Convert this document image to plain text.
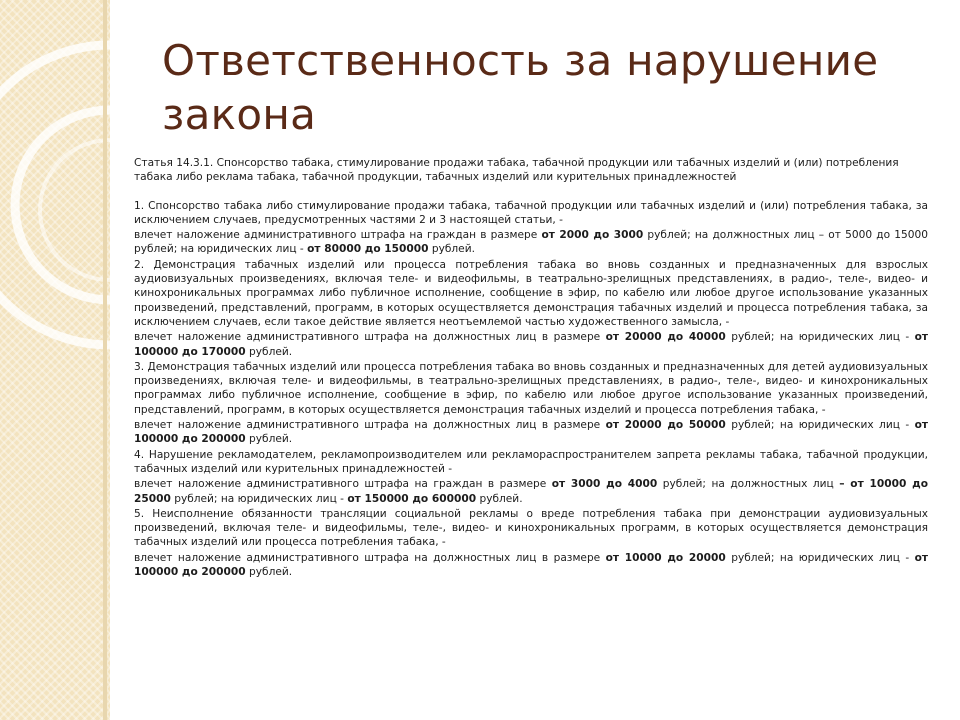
Ответственность за нарушение закона

Статья 14.3.1. Спонсорство табака, стимулирование продажи табака, табачной продукции или табачных изделий и (или) потребления табака либо реклама табака, табачной продукции, табачных изделий или курительных принадлежностей

1. Спонсорство табака либо стимулирование продажи табака, табачной продукции или табачных изделий и (или) потребления табака, за исключением случаев, предусмотренных частями 2 и 3 настоящей статьи, -

влечет наложение административного штрафа на граждан в размере от 2000 до 3000 рублей; на должностных лиц – от 5000 до 15000 рублей; на юридических лиц - от 80000 до 150000 рублей.

2. Демонстрация табачных изделий или процесса потребления табака во вновь созданных и предназначенных для взрослых аудиовизуальных произведениях, включая теле- и видеофильмы, в театрально-зрелищных представлениях, в радио-, теле-, видео- и кинохроникальных программах либо публичное исполнение, сообщение в эфир, по кабелю или любое другое использование указанных произведений, представлений, программ, в которых осуществляется демонстрация табачных изделий и процесса потребления табака, за исключением случаев, если такое действие является неотъемлемой частью художественного замысла, -

влечет наложение административного штрафа на должностных лиц в размере от 20000 до 40000 рублей; на юридических лиц - от 100000 до 170000 рублей.

3. Демонстрация табачных изделий или процесса потребления табака во вновь созданных и предназначенных для детей аудиовизуальных произведениях, включая теле- и видеофильмы, в театрально-зрелищных представлениях, в радио-, теле-, видео- и кинохроникальных программах либо публичное исполнение, сообщение в эфир, по кабелю или любое другое использование указанных произведений, представлений, программ, в которых осуществляется демонстрация табачных изделий и процесса потребления табака, -

влечет наложение административного штрафа на должностных лиц в размере от 20000 до 50000 рублей; на юридических лиц - от 100000 до 200000 рублей.

4. Нарушение рекламодателем, рекламопроизводителем или рекламораспространителем запрета рекламы табака, табачной продукции, табачных изделий или курительных принадлежностей -

влечет наложение административного штрафа на граждан в размере от 3000 до 4000 рублей; на должностных лиц – от 10000 до 25000 рублей; на юридических лиц - от 150000 до 600000 рублей.

5. Неисполнение обязанности трансляции социальной рекламы о вреде потребления табака при демонстрации аудиовизуальных произведений, включая теле- и видеофильмы, теле-, видео- и кинохроникальных программ, в которых осуществляется демонстрация табачных изделий или процесса потребления табака, -

влечет наложение административного штрафа на должностных лиц в размере от 10000 до 20000 рублей; на юридических лиц - от 100000 до 200000 рублей.
